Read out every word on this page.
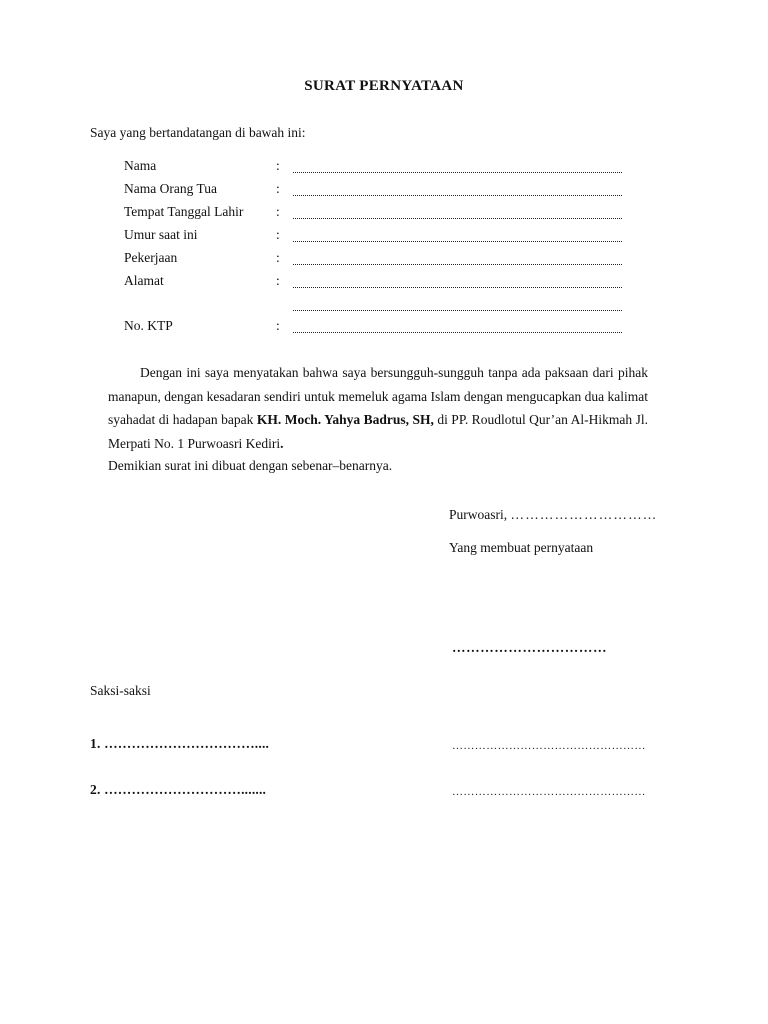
SURAT PERNYATAAN
Saya yang bertandatangan di bawah ini:
Nama	:
Nama Orang Tua	:
Tempat Tanggal Lahir :
Umur saat ini	:
Pekerjaan	:
Alamat	:
No. KTP	:
Dengan ini saya menyatakan bahwa saya bersungguh-sungguh tanpa ada paksaan dari pihak manapun, dengan kesadaran sendiri untuk memeluk agama Islam dengan mengucapkan dua kalimat syahadat di hadapan bapak KH. Moch. Yahya Badrus, SH, di PP. Roudlotul Qur’an Al-Hikmah Jl. Merpati No. 1 Purwoasri Kediri.
Demikian surat ini dibuat dengan sebenar–benarnya.
Purwoasri, …………………………
Yang membuat pernyataan
……………………………
Saksi-saksi
1. ……………………………....	……………………………………………
2. ………………………….......	……………………………………………
